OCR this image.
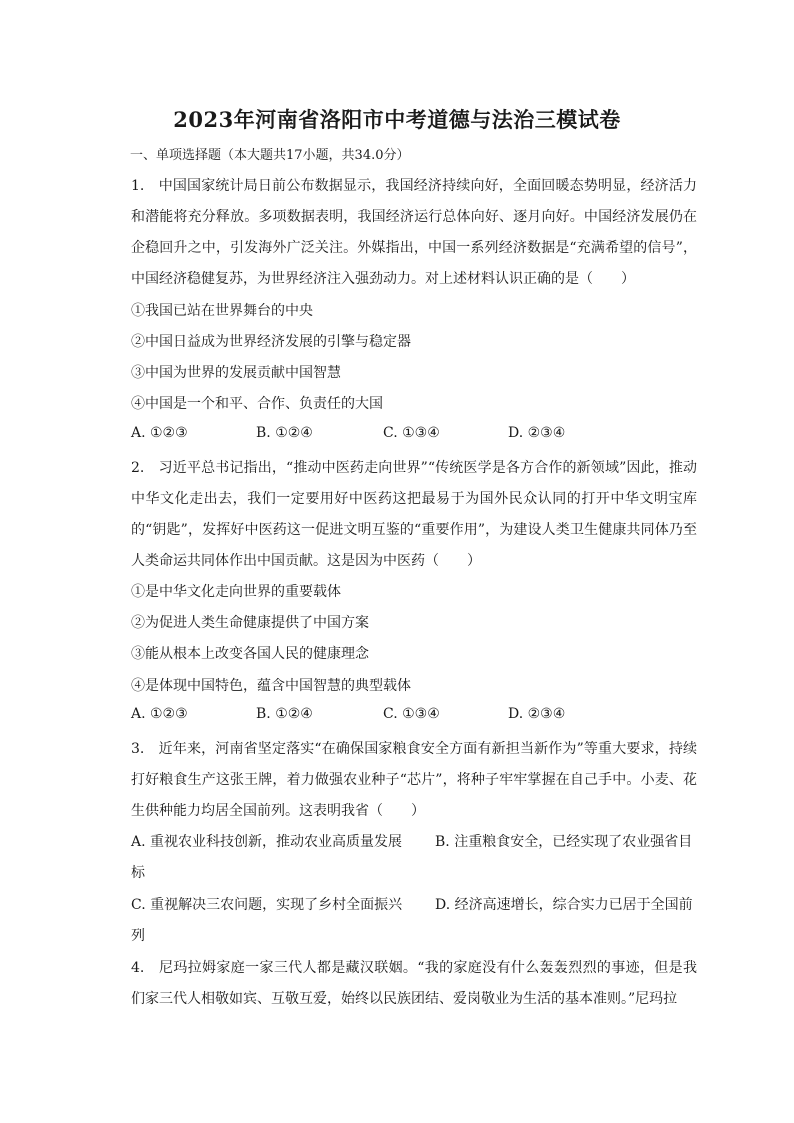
2023年河南省洛阳市中考道德与法治三模试卷
一、单项选择题（本大题共17小题，共34.0分）
1.　中国国家统计局日前公布数据显示，我国经济持续向好，全面回暖态势明显，经济活力和潜能将充分释放。多项数据表明，我国经济运行总体向好、逐月向好。中国经济发展仍在企稳回升之中，引发海外广泛关注。外媒指出，中国一系列经济数据是“充满希望的信号”，中国经济稳健复苏，为世界经济注入强劲动力。对上述材料认识正确的是（　　）
①我国已站在世界舞台的中央
②中国日益成为世界经济发展的引擎与稳定器
③中国为世界的发展贡献中国智慧
④中国是一个和平、合作、负责任的大国
A. ①②③	B. ①②④	C. ①③④	D. ②③④
2.　习近平总书记指出，“推动中医药走向世界”“传统医学是各方合作的新领域”因此，推动中华文化走出去，我们一定要用好中医药这把最易于为国外民众认同的打开中华文明宝库的“钥匙”，发挥好中医药这一促进文明互鉴的“重要作用”，为建设人类卫生健康共同体乃至人类命运共同体作出中国贡献。这是因为中医药（　　）
①是中华文化走向世界的重要载体
②为促进人类生命健康提供了中国方案
③能从根本上改变各国人民的健康理念
④是体现中国特色，蕴含中国智慧的典型载体
A. ①②③	B. ①②④	C. ①③④	D. ②③④
3.　近年来，河南省坚定落实“在确保国家粮食安全方面有新担当新作为”等重大要求，持续打好粮食生产这张王牌，着力做强农业种子“芯片”，将种子牢牢掌握在自己手中。小麦、花生供种能力均居全国前列。这表明我省（　　）
A. 重视农业科技创新，推动农业高质量发展 B. 注重粮食安全，已经实现了农业强省目
标
C. 重视解决三农问题，实现了乡村全面振兴 D. 经济高速增长，综合实力已居于全国前
列
4.　尼玛拉姆家庭一家三代人都是藏汉联姻。“我的家庭没有什么轰轰烈烈的事迹，但是我们家三代人相敬如宾、互敬互爱，始终以民族团结、爱岗敬业为生活的基本准则。”尼玛拉
